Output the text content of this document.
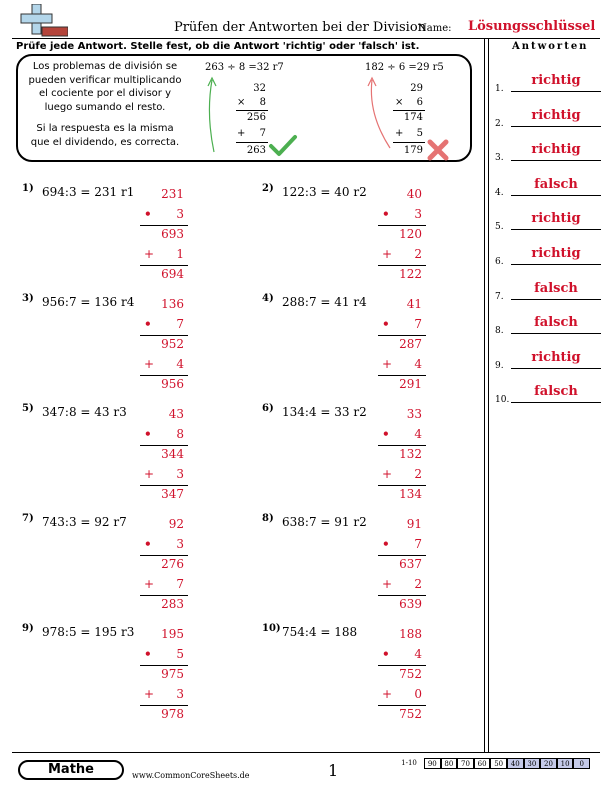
Prüfen der Antworten bei der Division
Name: Lösungsschlüssel
Prüfe jede Antwort. Stelle fest, ob die Antwort 'richtig' oder 'falsch' ist.	Antworten

Los problemas de división se pueden verificar multiplicando el cociente por el divisor y luego sumando el resto.

Si la respuesta es la misma que el dividendo, es correcta.

263 ÷ 8 =32 r7
32
×	8
256
+	7
263
182 ÷ 6 =29 r5
29
×	6
174
+	5
179
1) 694:3 = 231 r1	231
•	3
693
+	1
694
2) 122:3 = 40 r2	40
•	3
120
+	2
122
3) 956:7 = 136 r4	136
•	7
952
+	4
956
4) 288:7 = 41 r4	41
•	7
287
+	4
291
5) 347:8 = 43 r3	43
•	8
344
+	3
347
6) 134:4 = 33 r2	33
•	4
132
+	2
134
7) 743:3 = 92 r7	92
•	3
276
+	7
283
8) 638:7 = 91 r2	91
•	7
637
+	2
639
9) 978:5 = 195 r3	195
•	5
975
+	3
978
10) 754:4 = 188	188
•	4
752
+	0
752
1.
richtig
2.
richtig
3.
richtig
4.
falsch
5.
richtig
6.
richtig
7.
falsch
8.
falsch
9.
richtig
10.
falsch
Mathe	www.CommonCoreSheets.de	1	1-10	90	80	70	60	50	40	30	20	10	0
